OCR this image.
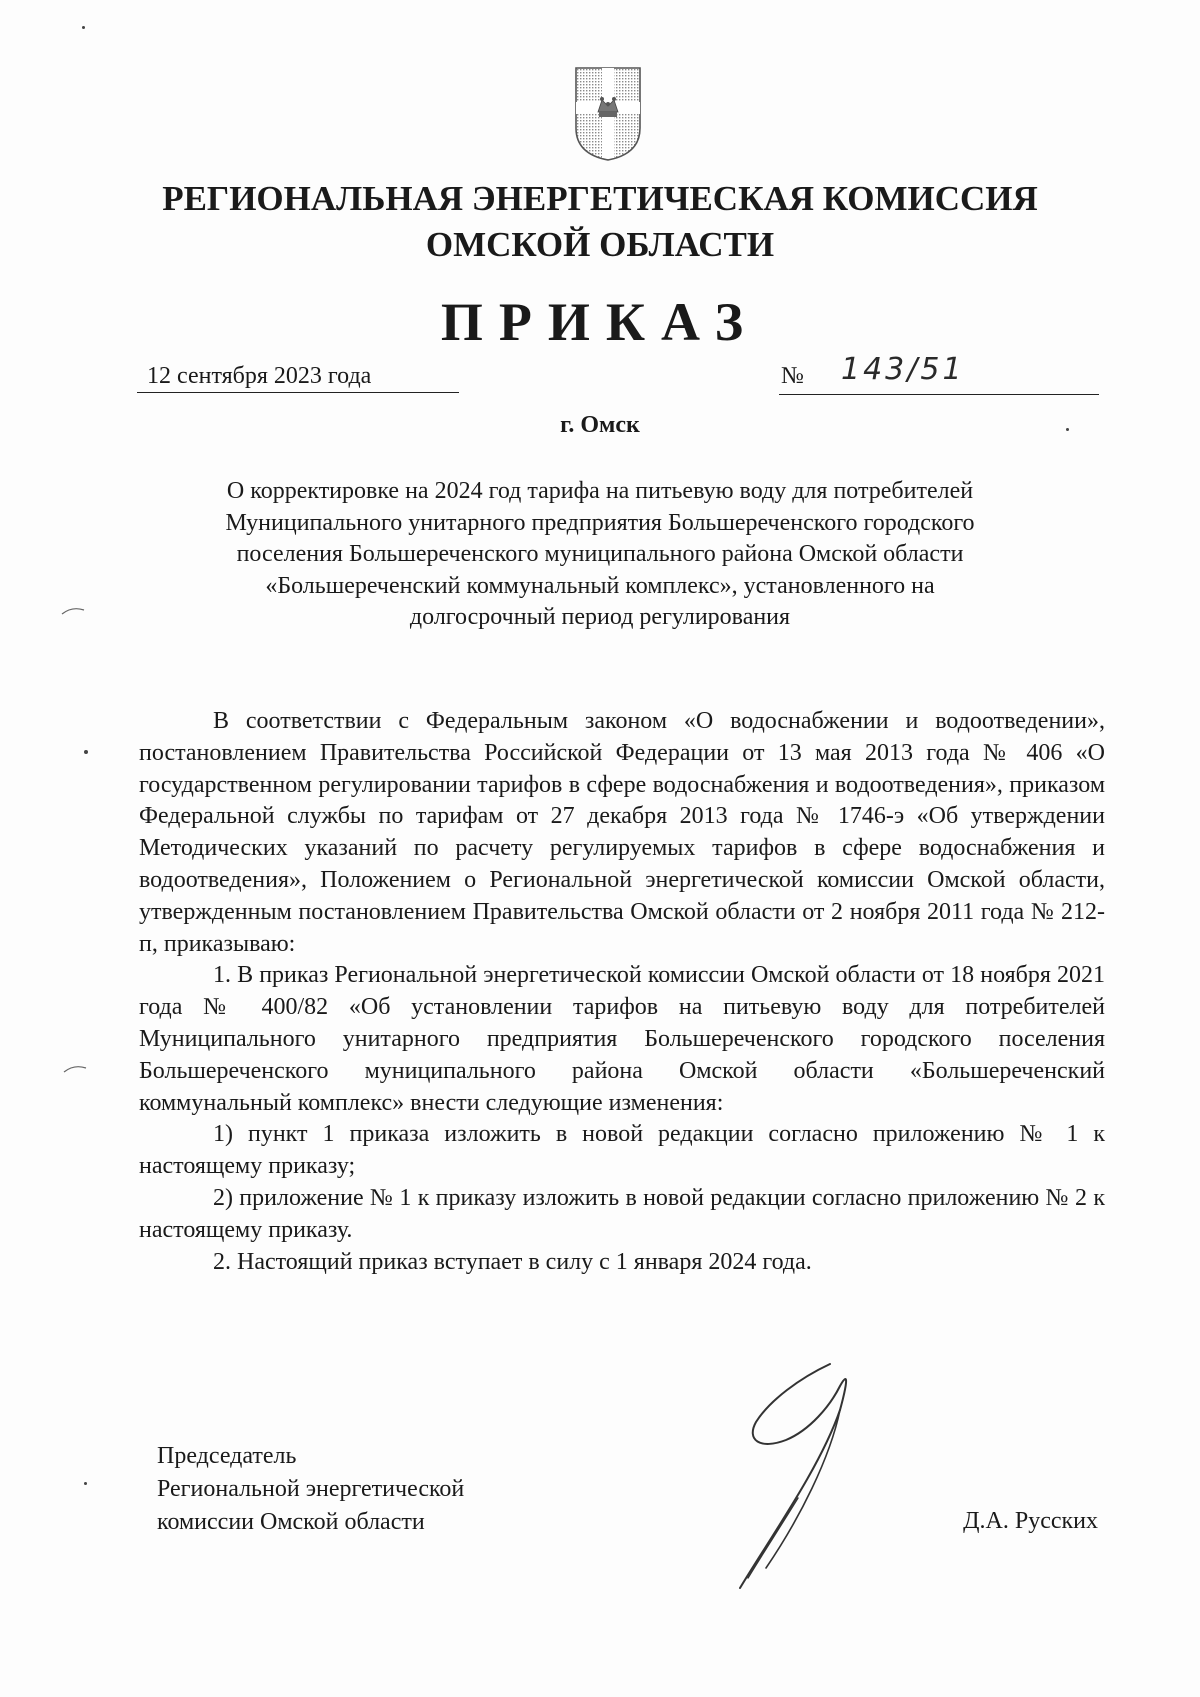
РЕГИОНАЛЬНАЯ ЭНЕРГЕТИЧЕСКАЯ КОМИССИЯ
ОМСКОЙ ОБЛАСТИ
ПРИКАЗ
12 сентября 2023 года	№ 143/51
г. Омск
О корректировке на 2024 год тарифа на питьевую воду для потребителей Муниципального унитарного предприятия Большереченского городского поселения Большереченского муниципального района Омской области «Большереченский коммунальный комплекс», установленного на долгосрочный период регулирования

В соответствии с Федеральным законом «О водоснабжении и водоотведении», постановлением Правительства Российской Федерации от 13 мая 2013 года № 406 «О государственном регулировании тарифов в сфере водоснабжения и водоотведения», приказом Федеральной службы по тарифам от 27 декабря 2013 года № 1746-э «Об утверждении Методических указаний по расчету регулируемых тарифов в сфере водоснабжения и водоотведения», Положением о Региональной энергетической комиссии Омской области, утвержденным постановлением Правительства Омской области от 2 ноября 2011 года № 212-п, приказываю:

1. В приказ Региональной энергетической комиссии Омской области от 18 ноября 2021 года № 400/82 «Об установлении тарифов на питьевую воду для потребителей Муниципального унитарного предприятия Большереченского городского поселения Большереченского муниципального района Омской области «Большереченский коммунальный комплекс» внести следующие изменения:

1) пункт 1 приказа изложить в новой редакции согласно приложению № 1 к настоящему приказу;

2) приложение № 1 к приказу изложить в новой редакции согласно приложению № 2 к настоящему приказу.

2. Настоящий приказ вступает в силу с 1 января 2024 года.

Председатель
Региональной энергетической
комиссии Омской области	Д.А. Русских
